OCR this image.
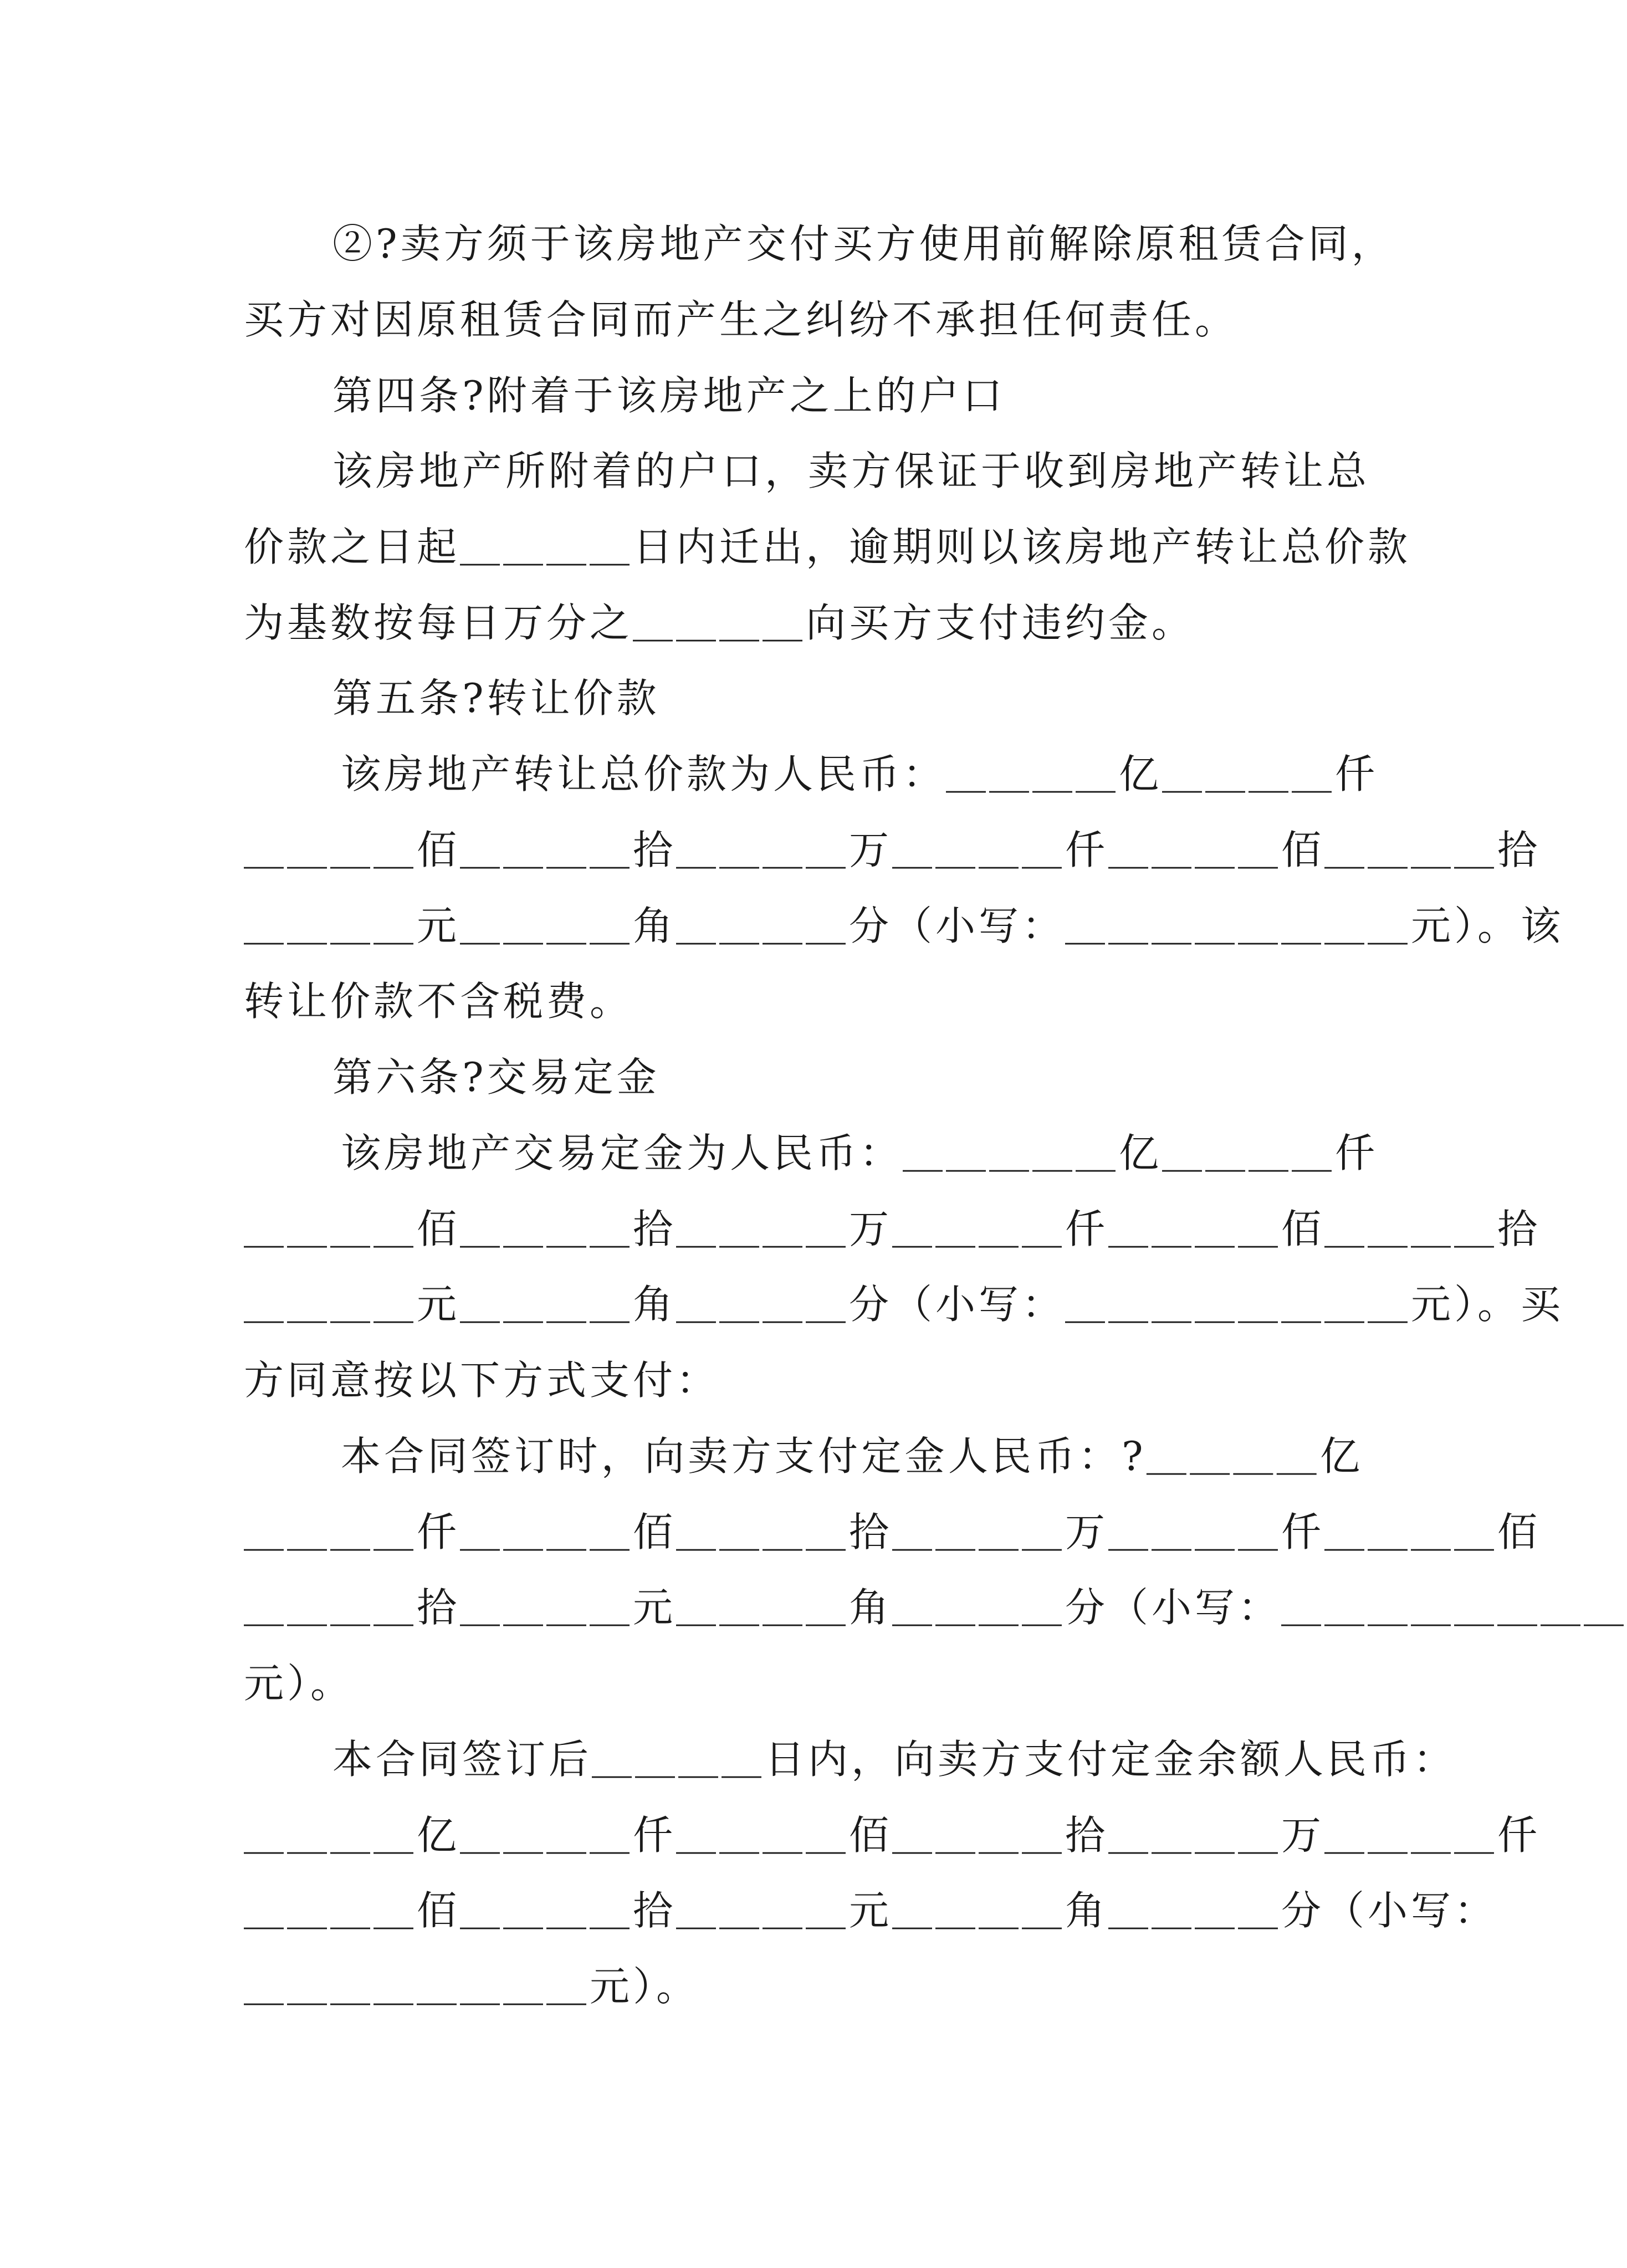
②?卖方须于该房地产交付买方使用前解除原租赁合同，
买方对因原租赁合同而产生之纠纷不承担任何责任。
第四条?附着于该房地产之上的户口
该房地产所附着的户口，卖方保证于收到房地产转让总
价款之日起＿＿＿＿日内迁出，逾期则以该房地产转让总价款
为基数按每日万分之＿＿＿＿向买方支付违约金。
第五条?转让价款
该房地产转让总价款为人民币：＿＿＿＿亿＿＿＿＿仟
＿＿＿＿佰＿＿＿＿拾＿＿＿＿万＿＿＿＿仟＿＿＿＿佰＿＿＿＿拾
＿＿＿＿元＿＿＿＿角＿＿＿＿分（小写：＿＿＿＿＿＿＿＿元）。该
转让价款不含税费。
第六条?交易定金
该房地产交易定金为人民币：＿＿＿＿＿亿＿＿＿＿仟
＿＿＿＿佰＿＿＿＿拾＿＿＿＿万＿＿＿＿仟＿＿＿＿佰＿＿＿＿拾
＿＿＿＿元＿＿＿＿角＿＿＿＿分（小写：＿＿＿＿＿＿＿＿元）。买
方同意按以下方式支付：
本合同签订时，向卖方支付定金人民币：?＿＿＿＿亿
＿＿＿＿仟＿＿＿＿佰＿＿＿＿拾＿＿＿＿万＿＿＿＿仟＿＿＿＿佰
＿＿＿＿拾＿＿＿＿元＿＿＿＿角＿＿＿＿分（小写：＿＿＿＿＿＿＿＿
元）。
本合同签订后＿＿＿＿日内，向卖方支付定金余额人民币：
＿＿＿＿亿＿＿＿＿仟＿＿＿＿佰＿＿＿＿拾＿＿＿＿万＿＿＿＿仟
＿＿＿＿佰＿＿＿＿拾＿＿＿＿元＿＿＿＿角＿＿＿＿分（小写：
＿＿＿＿＿＿＿＿元）。
